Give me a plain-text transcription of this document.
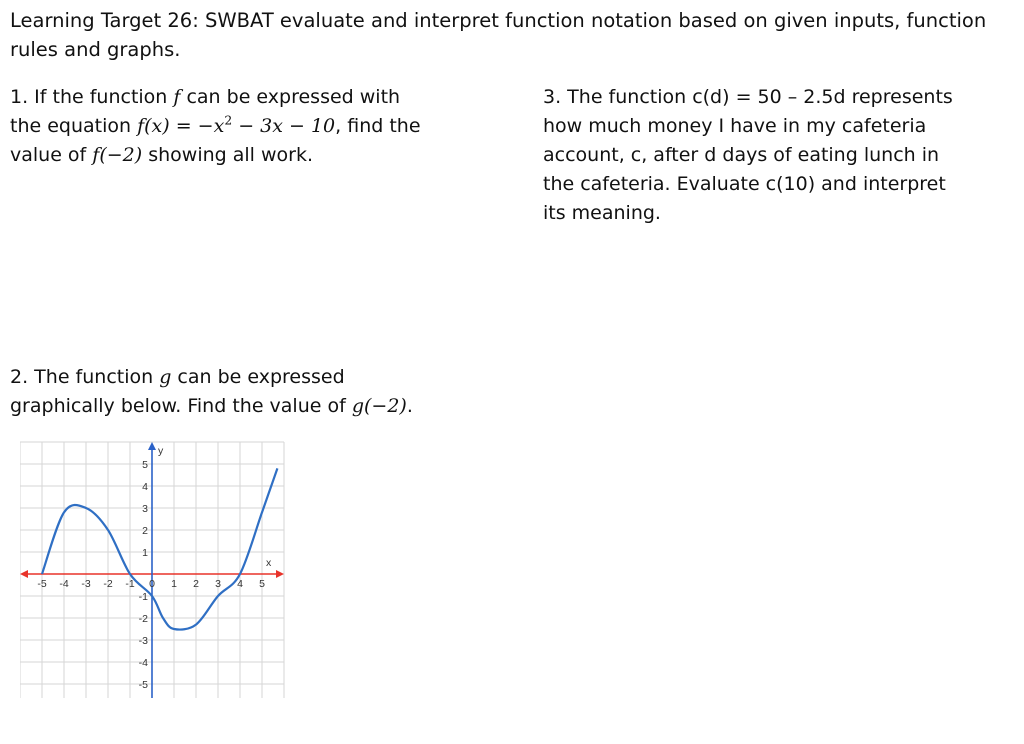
Learning Target 26: SWBAT evaluate and interpret function notation based on given inputs, function rules and graphs.
1. If the function f can be expressed with
the equation $f(x) = -x^2 - 3x - 10$, find the
value of f(−2) showing all work.
3. The function c(d) = 50 – 2.5d represents
how much money I have in my cafeteria
account, c, after d days of eating lunch in
the cafeteria. Evaluate c(10) and interpret
its meaning.
2. The function g can be expressed
graphically below. Find the value of g(−2).
x
y
-5 -4 -3 -2 -1 0 1 2 3 4 5
5
4
3
2
1
-1
-2
-3
-4
-5
